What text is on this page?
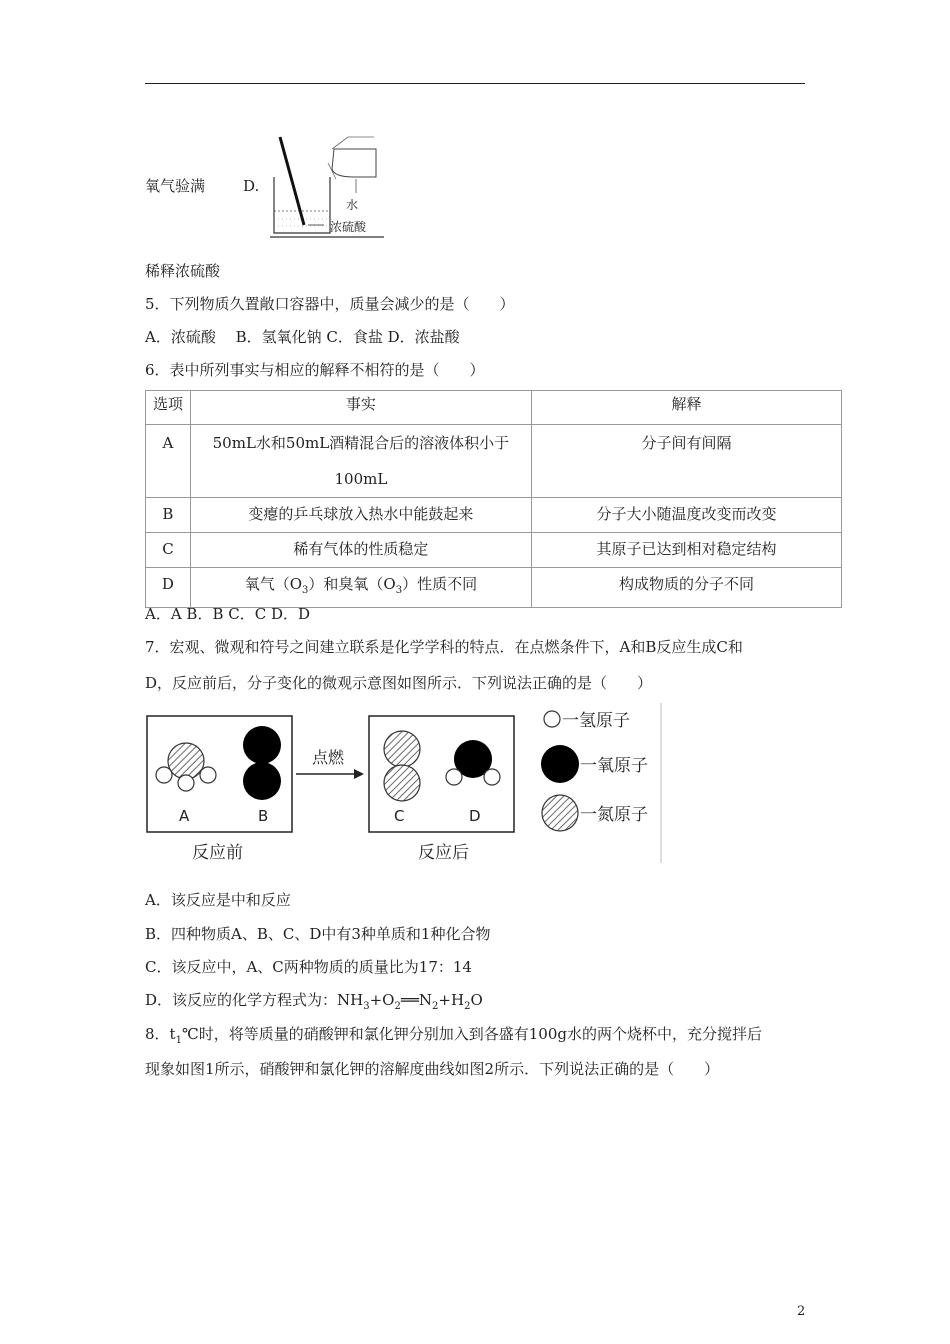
氧气验满	D.
水
浓硫酸
稀释浓硫酸
5．下列物质久置敞口容器中，质量会减少的是（　　）
A．浓硫酸　 B．氢氧化钠 C．食盐 D．浓盐酸
6．表中所列事实与相应的解释不相符的是（　　）
选项	事实	解释
A	50mL水和50mL酒精混合后的溶液体积小于
100mL	分子间有间隔
B	变瘪的乒乓球放入热水中能鼓起来	分子大小随温度改变而改变
C	稀有气体的性质稳定	其原子已达到相对稳定结构
D	氧气$(O_3)$和臭氧$(O_3)$性质不同	构成物质的分子不同
A．A B．B C．C D．D
7．宏观、微观和符号之间建立联系是化学学科的特点．在点燃条件下，A和B反应生成C和
D，反应前后，分子变化的微观示意图如图所示．下列说法正确的是（　　）
A	B
点燃
C	D
反应前	反应后
一氢原子
一氧原子
一氮原子
A．该反应是中和反应
B．四种物质A、B、C、D中有3种单质和1种化合物
C．该反应中，A、C两种物质的质量比为17：14
D．该反应的化学方程式为：$NH_3+O_2══N_2+H_2O$
8．$t_1℃$时，将等质量的硝酸钾和氯化钾分别加入到各盛有100g水的两个烧杯中，充分搅拌后
现象如图1所示，硝酸钾和氯化钾的溶解度曲线如图2所示．下列说法正确的是（　　）
2
